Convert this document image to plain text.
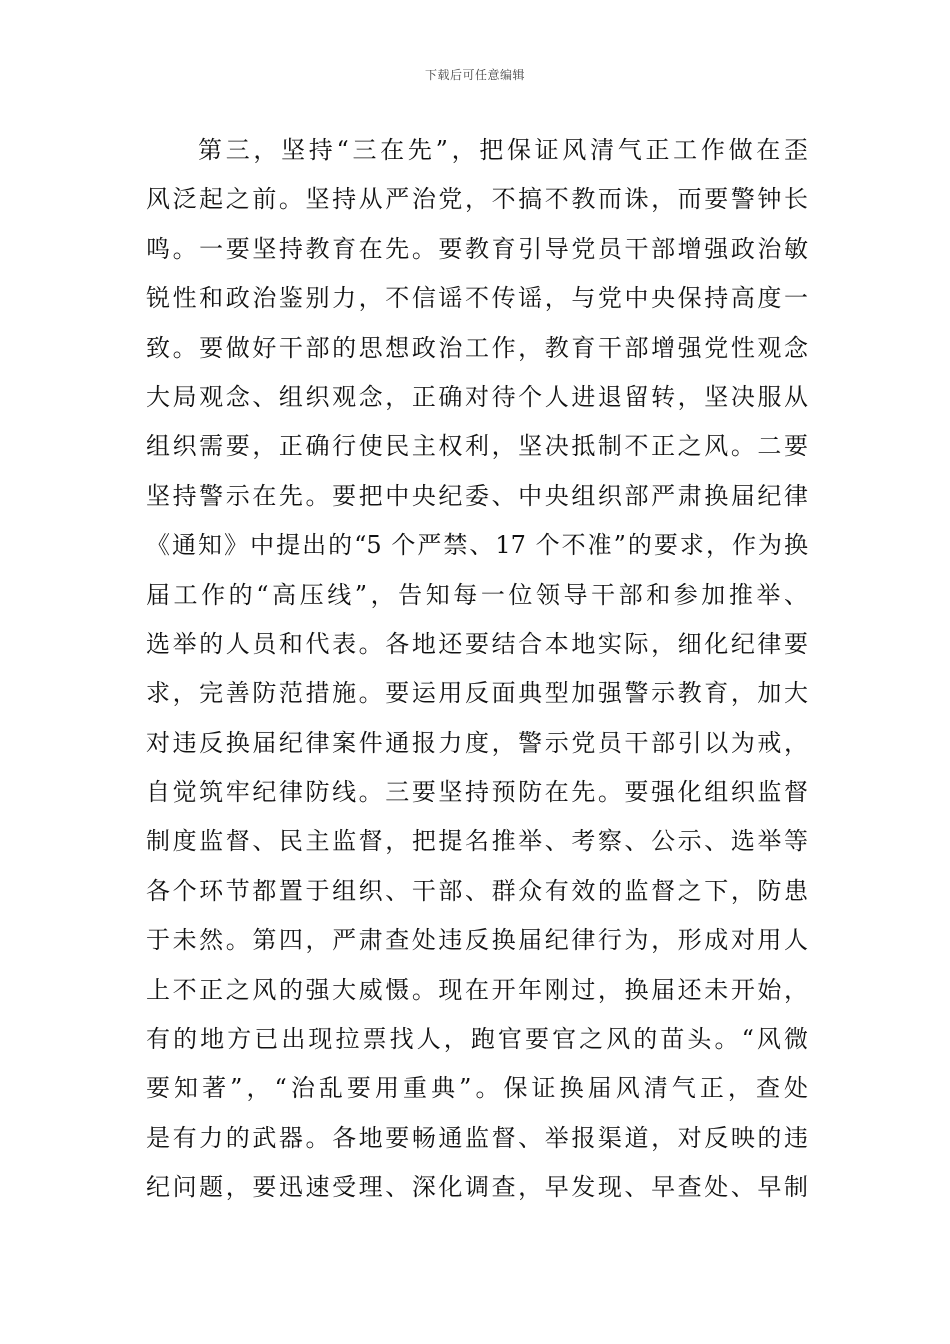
下载后可任意编辑
第三，坚持“三在先”，把保证风清气正工作做在歪
风泛起之前。坚持从严治党，不搞不教而诛，而要警钟长
鸣。一要坚持教育在先。要教育引导党员干部增强政治敏
锐性和政治鉴别力，不信谣不传谣，与党中央保持高度一
致。要做好干部的思想政治工作，教育干部增强党性观念
大局观念、组织观念，正确对待个人进退留转，坚决服从
组织需要，正确行使民主权利，坚决抵制不正之风。二要
坚持警示在先。要把中央纪委、中央组织部严肃换届纪律
《通知》中提出的“5 个严禁、17 个不准”的要求，作为换
届工作的“高压线”，告知每一位领导干部和参加推举、
选举的人员和代表。各地还要结合本地实际，细化纪律要
求，完善防范措施。要运用反面典型加强警示教育，加大
对违反换届纪律案件通报力度，警示党员干部引以为戒，
自觉筑牢纪律防线。三要坚持预防在先。要强化组织监督
制度监督、民主监督，把提名推举、考察、公示、选举等
各个环节都置于组织、干部、群众有效的监督之下，防患
于未然。第四，严肃查处违反换届纪律行为，形成对用人
上不正之风的强大威慑。现在开年刚过，换届还未开始，
有的地方已出现拉票找人，跑官要官之风的苗头。“风微
要知著”，“治乱要用重典”。保证换届风清气正，查处
是有力的武器。各地要畅通监督、举报渠道，对反映的违
纪问题，要迅速受理、深化调查，早发现、早查处、早制
